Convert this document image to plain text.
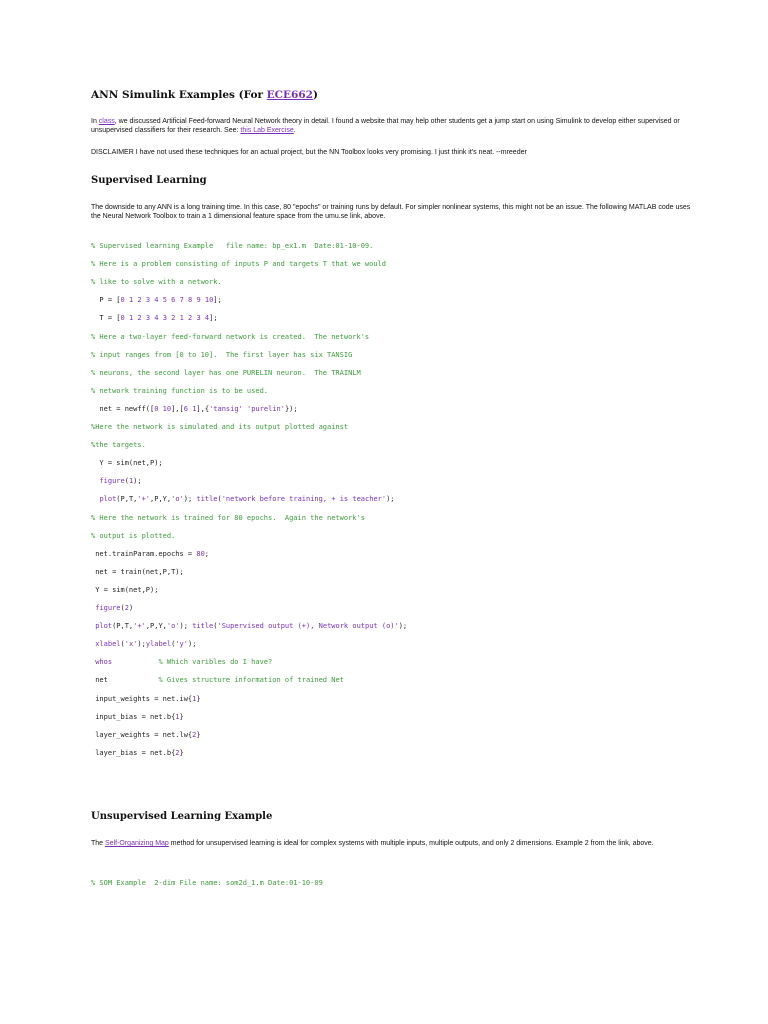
ANN Simulink Examples (For ECE662)
In class, we discussed Artificial Feed-forward Neural Network theory in detail. I found a website that may help other students get a jump start on using Simulink to develop either supervised or unsupervised classifiers for their research. See: this Lab Exercise.
DISCLAIMER I have not used these techniques for an actual project, but the NN Toolbox looks very promising. I just think it's neat. --mreeder
Supervised Learning
The downside to any ANN is a long training time. In this case, 80 "epochs" or training runs by default. For simpler nonlinear systems, this might not be an issue. The following MATLAB code uses the Neural Network Toolbox to train a 1 dimensional feature space from the umu.se link, above.
% Supervised learning Example   file name: bp_ex1.m  Date:01-10-09.
% Here is a problem consisting of inputs P and targets T that we would
% like to solve with a network.
P = [0 1 2 3 4 5 6 7 8 9 10];
T = [0 1 2 3 4 3 2 1 2 3 4];
% Here a two-layer feed-forward network is created.  The network's
% input ranges from [0 to 10].  The first layer has six TANSIG
% neurons, the second layer has one PURELIN neuron.  The TRAINLM
% network training function is to be used.
net = newff([0 10],[6 1],{'tansig' 'purelin'});
%Here the network is simulated and its output plotted against
%the targets.
Y = sim(net,P);
figure(1);
plot(P,T,'+',P,Y,'o'); title('network before training, + is teacher');
% Here the network is trained for 80 epochs.  Again the network's
% output is plotted.
net.trainParam.epochs = 80;
net = train(net,P,T);
Y = sim(net,P);
figure(2)
plot(P,T,'+',P,Y,'o'); title('Supervised output (+), Network output (o)');
xlabel('x');ylabel('y');
whos	% Which varibles do I have?
net            % Gives structure information of trained Net
input_weights = net.iw{1}
input_bias = net.b{1}
layer_weights = net.lw{2}
layer_bias = net.b{2}
Unsupervised Learning Example
The Self-Organizing Map method for unsupervised learning is ideal for complex systems with multiple inputs, multiple outputs, and only 2 dimensions. Example 2 from the link, above.
% SOM Example  2-dim File name: som2d_1.m Date:01-10-09
